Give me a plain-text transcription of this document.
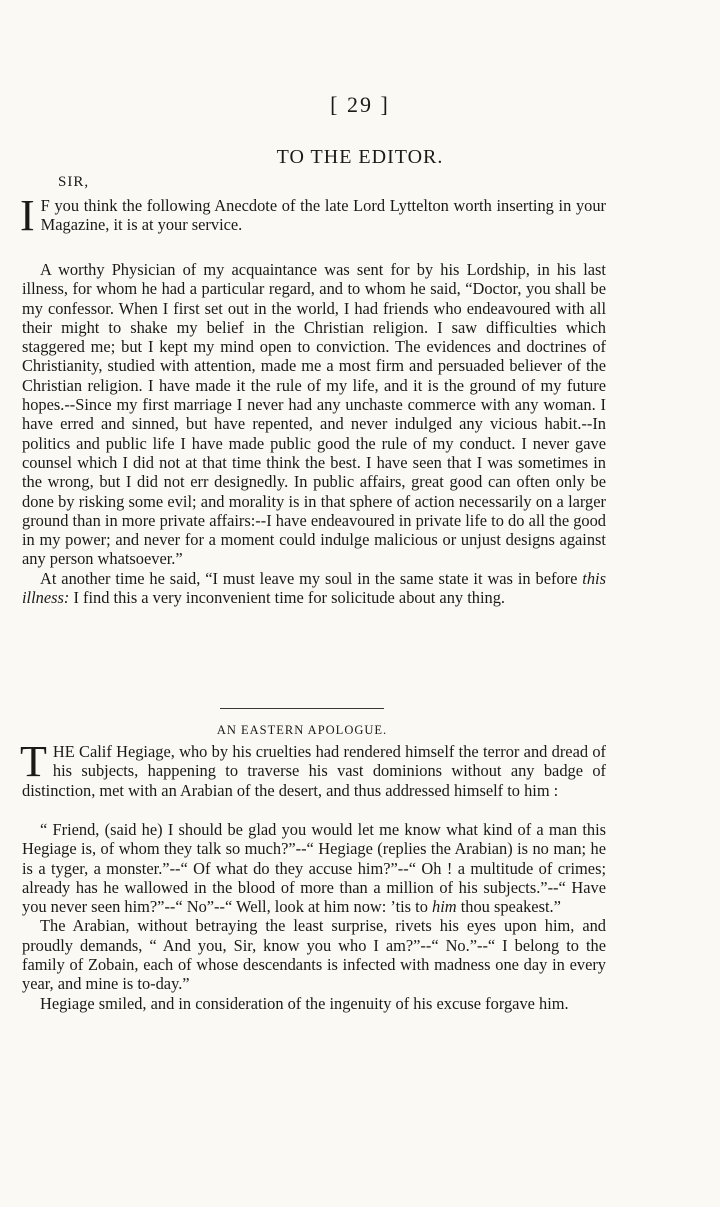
[ 29 ]
TO THE EDITOR.
SIR,

I F you think the following Anecdote of the late Lord Lyttelton worth inserting in your Magazine, it is at your service.

A worthy Physician of my acquaintance was sent for by his Lordship, in his last illness, for whom he had a particular regard, and to whom he said, “Doctor, you shall be my confessor. When I first set out in the world, I had friends who endeavoured with all their might to shake my belief in the Christian religion. I saw difficulties which staggered me; but I kept my mind open to conviction. The evidences and doctrines of Christianity, studied with attention, made me a most firm and persuaded believer of the Christian religion. I have made it the rule of my life, and it is the ground of my future hopes.--Since my first marriage I never had any unchaste commerce with any woman. I have erred and sinned, but have repented, and never indulged any vicious habit.--In politics and public life I have made public good the rule of my conduct. I never gave counsel which I did not at that time think the best. I have seen that I was sometimes in the wrong, but I did not err designedly. In public affairs, great good can often only be done by risking some evil; and morality is in that sphere of action necessarily on a larger ground than in more private affairs:--I have endeavoured in private life to do all the good in my power; and never for a moment could indulge malicious or unjust designs against any person whatsoever.”

At another time he said, “I must leave my soul in the same state it was in before this illness: I find this a very inconvenient time for solicitude about any thing.

AN EASTERN APOLOGUE.

THE Calif Hegiage, who by his cruelties had rendered himself the terror and dread of his subjects, happening to traverse his vast dominions without any badge of distinction, met with an Arabian of the desert, and thus addressed himself to him :

“ Friend, (said he) I should be glad you would let me know what kind of a man this Hegiage is, of whom they talk so much?”--“ Hegiage (replies the Arabian) is no man; he is a tyger, a monster.”--“ Of what do they accuse him?”--“ Oh ! a multitude of crimes; already has he wallowed in the blood of more than a million of his subjects.”--“ Have you never seen him?”--“ No”--“ Well, look at him now: ’tis to him thou speakest.”

The Arabian, without betraying the least surprise, rivets his eyes upon him, and proudly demands, “ And you, Sir, know you who I am?”--“ No.”--“ I belong to the family of Zobain, each of whose descendants is infected with madness one day in every year, and mine is to-day.”

Hegiage smiled, and in consideration of the ingenuity of his excuse forgave him.
